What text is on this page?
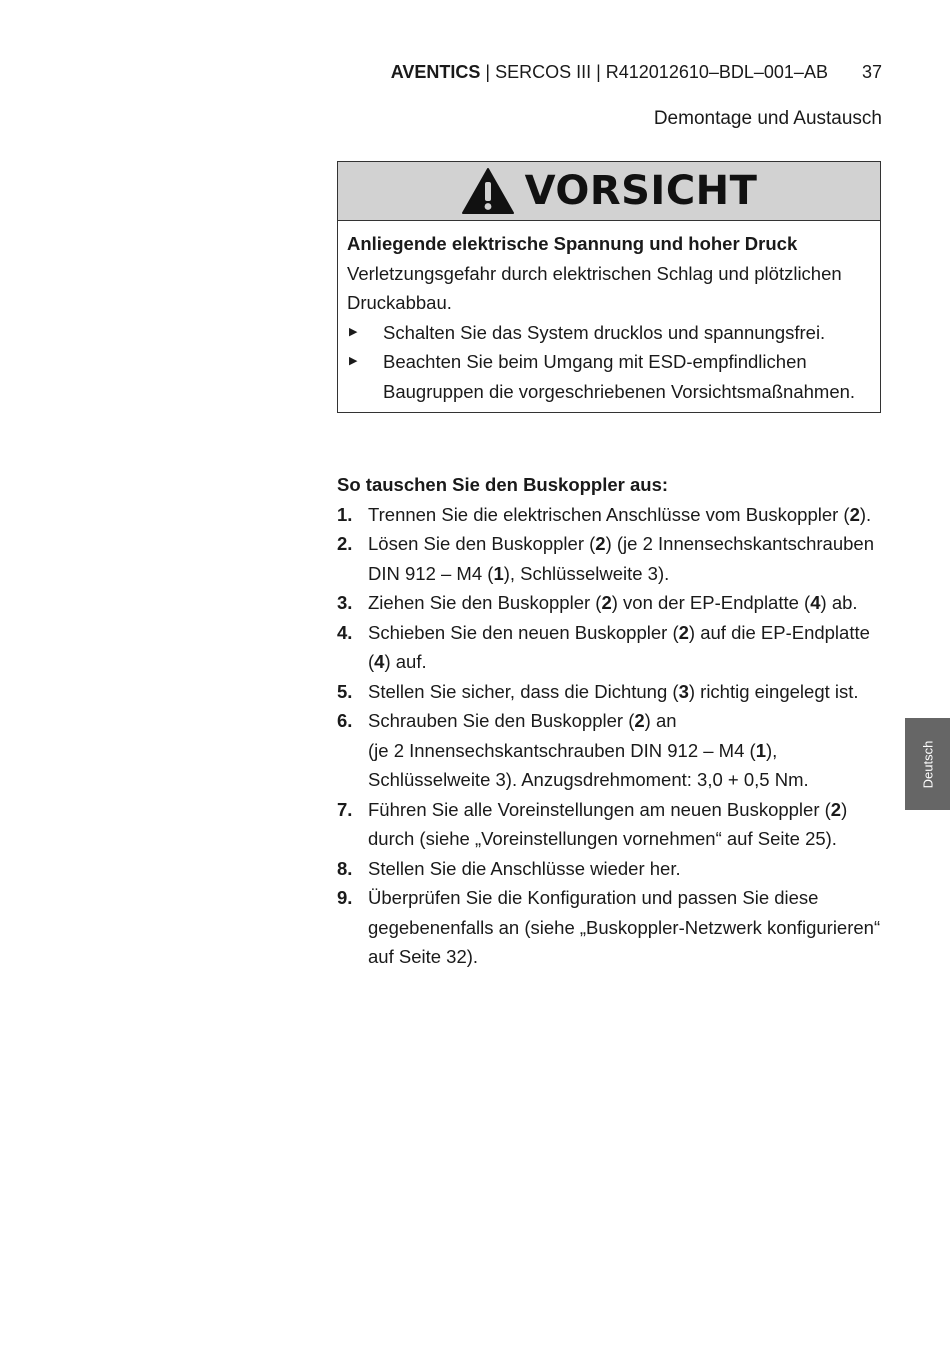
AVENTICS | SERCOS III | R412012610–BDL–001–AB 37
Demontage und Austausch
VORSICHT
Anliegende elektrische Spannung und hoher Druck
Verletzungsgefahr durch elektrischen Schlag und plötzlichen Druckabbau.
▶ Schalten Sie das System drucklos und spannungsfrei.
▶ Beachten Sie beim Umgang mit ESD-empfindlichen Baugruppen die vorgeschriebenen Vorsichtsmaßnahmen.
So tauschen Sie den Buskoppler aus:
1. Trennen Sie die elektrischen Anschlüsse vom Buskoppler (2).
2. Lösen Sie den Buskoppler (2) (je 2 Innensechskantschrauben DIN 912 – M4 (1), Schlüsselweite 3).
3. Ziehen Sie den Buskoppler (2) von der EP-Endplatte (4) ab.
4. Schieben Sie den neuen Buskoppler (2) auf die EP-Endplatte (4) auf.
5. Stellen Sie sicher, dass die Dichtung (3) richtig eingelegt ist.
6. Schrauben Sie den Buskoppler (2) an
(je 2 Innensechskantschrauben DIN 912 – M4 (1), Schlüsselweite 3). Anzugsdrehmoment: 3,0 + 0,5 Nm.
7. Führen Sie alle Voreinstellungen am neuen Buskoppler (2) durch (siehe „Voreinstellungen vornehmen“ auf Seite 25).
8. Stellen Sie die Anschlüsse wieder her.
9. Überprüfen Sie die Konfiguration und passen Sie diese gegebenenfalls an (siehe „Buskoppler-Netzwerk konfigurieren“ auf Seite 32).
Deutsch
